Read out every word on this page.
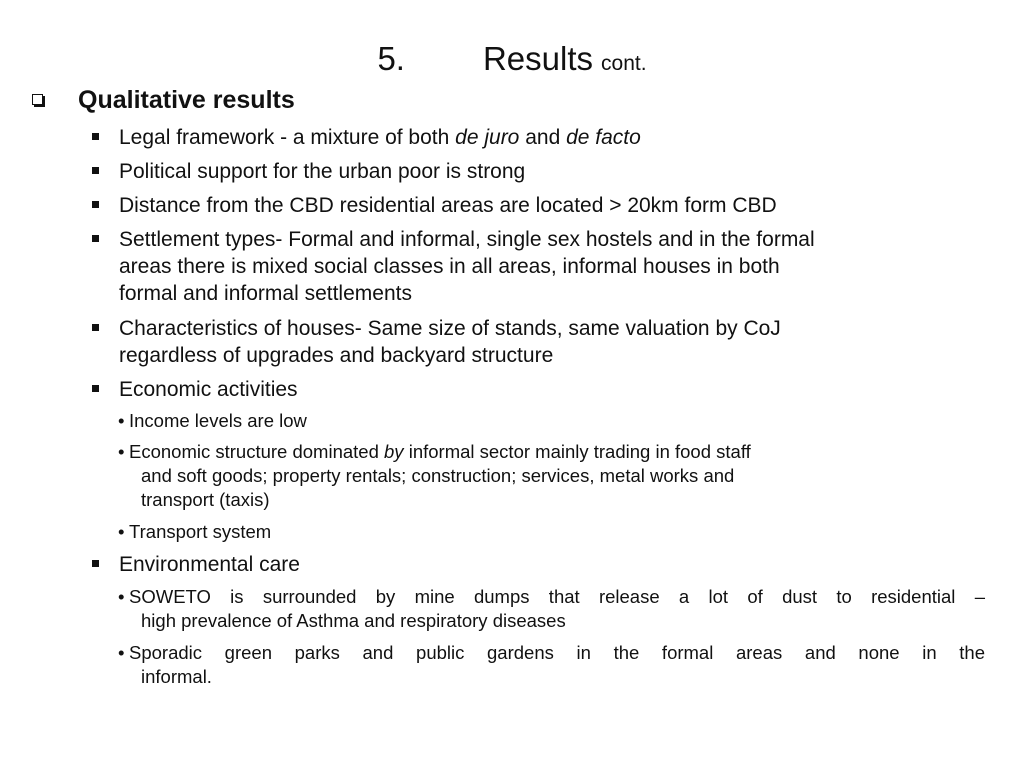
5. Results cont.
Qualitative results
Legal framework - a mixture of both de juro and de facto
Political support for the urban poor is strong
Distance from the CBD residential areas are located > 20km form CBD
Settlement types- Formal and informal, single sex hostels and in the formal
areas there is mixed social classes in all areas, informal houses in both
formal and informal settlements
Characteristics of houses- Same size of stands, same valuation by CoJ
regardless of upgrades and backyard structure
Economic activities
• Income levels are low
• Economic structure dominated by informal sector mainly trading in food staff
and soft goods; property rentals; construction; services, metal works and
transport (taxis)
• Transport system
Environmental care
• SOWETO is surrounded by mine dumps that release a lot of dust to residential –
high prevalence of Asthma and respiratory diseases
• Sporadic green parks and public gardens in the formal areas and none in the
informal.
